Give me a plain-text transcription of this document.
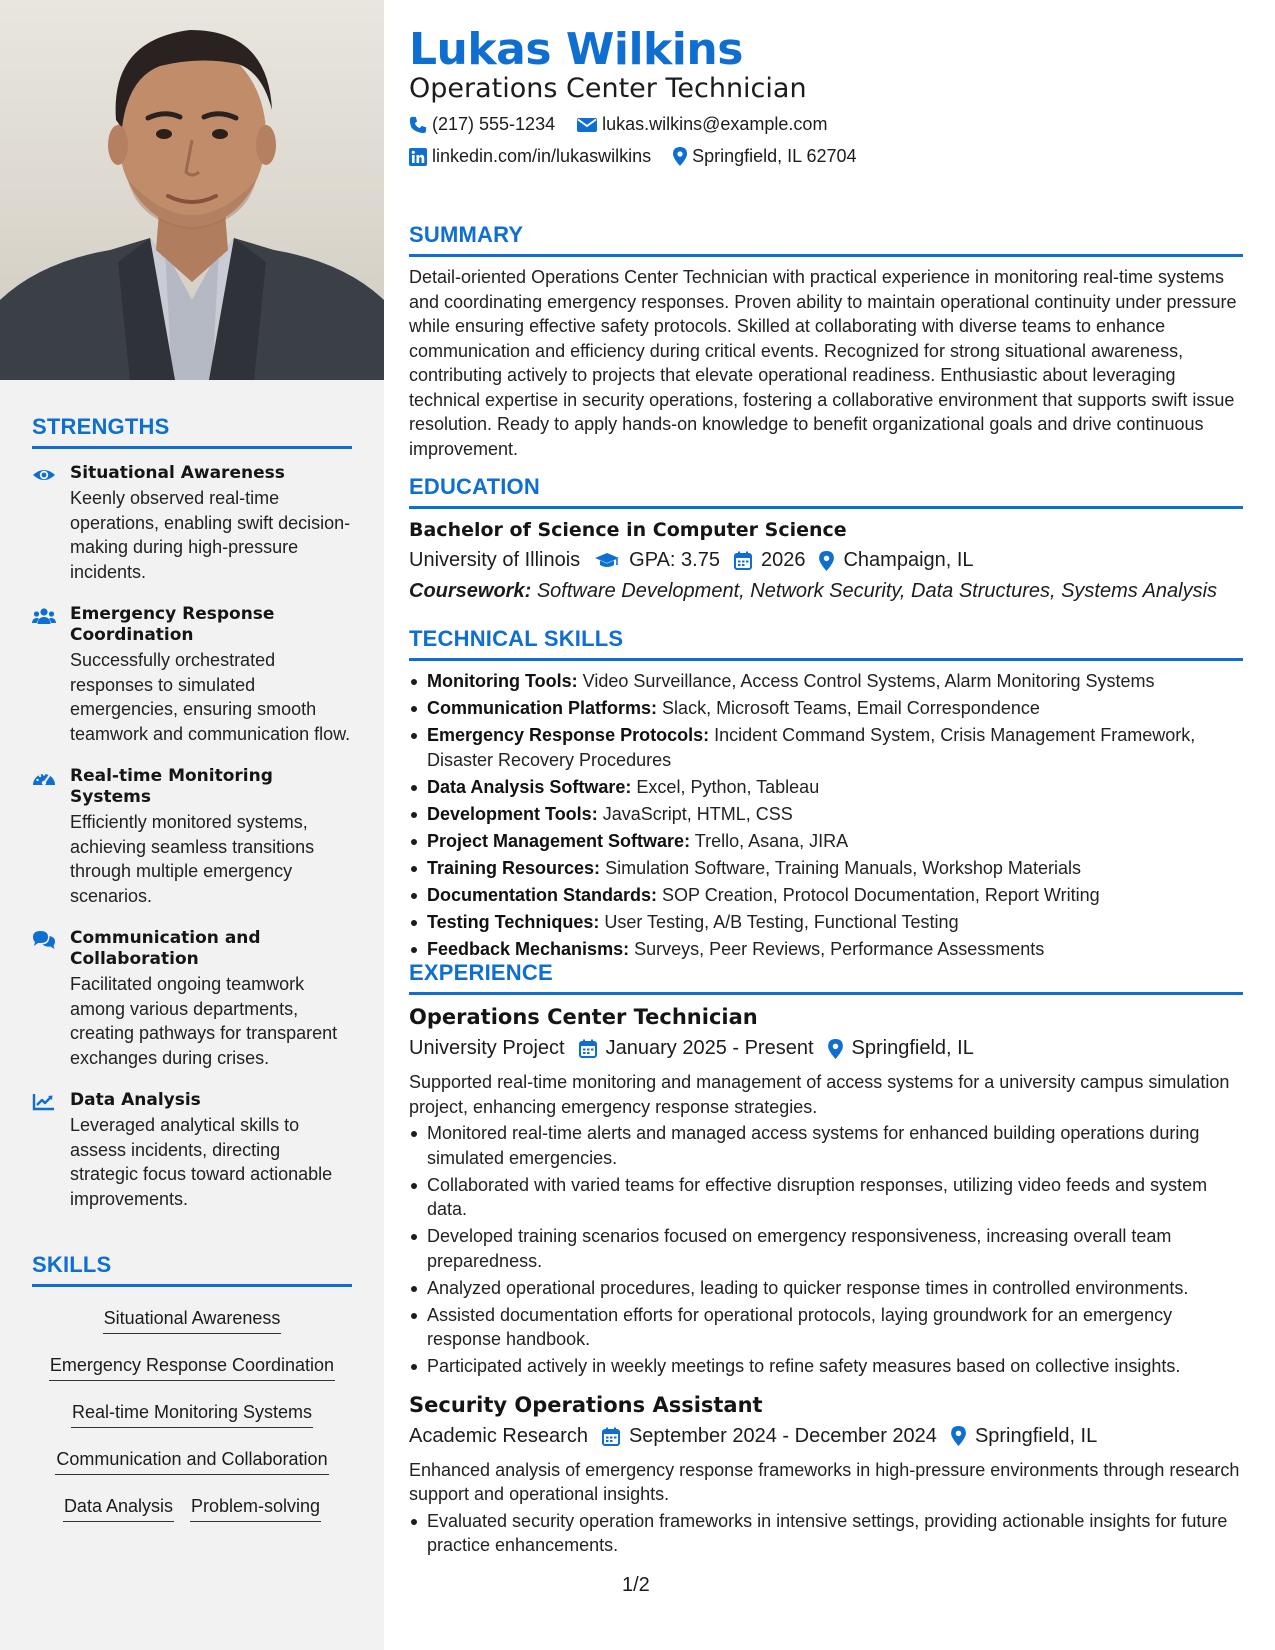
STRENGTHS
Situational Awareness
Keenly observed real-time operations, enabling swift decision-making during high-pressure incidents.
Emergency Response Coordination
Successfully orchestrated responses to simulated emergencies, ensuring smooth teamwork and communication flow.
Real-time Monitoring Systems
Efficiently monitored systems, achieving seamless transitions through multiple emergency scenarios.
Communication and Collaboration
Facilitated ongoing teamwork among various departments, creating pathways for transparent exchanges during crises.
Data Analysis
Leveraged analytical skills to assess incidents, directing strategic focus toward actionable improvements.
SKILLS
Situational Awareness
Emergency Response Coordination
Real-time Monitoring Systems
Communication and Collaboration
Data Analysis Problem-solving
Lukas Wilkins
Operations Center Technician
(217) 555-1234	lukas.wilkins@example.com
linkedin.com/in/lukaswilkins Springfield, IL 62704
SUMMARY
Detail-oriented Operations Center Technician with practical experience in monitoring real-time systems and coordinating emergency responses. Proven ability to maintain operational continuity under pressure while ensuring effective safety protocols. Skilled at collaborating with diverse teams to enhance communication and efficiency during critical events. Recognized for strong situational awareness, contributing actively to projects that elevate operational readiness. Enthusiastic about leveraging technical expertise in security operations, fostering a collaborative environment that supports swift issue resolution. Ready to apply hands-on knowledge to benefit organizational goals and drive continuous improvement.
EDUCATION
Bachelor of Science in Computer Science
University of Illinois GPA: 3.75 2026 Champaign, IL
Coursework: Software Development, Network Security, Data Structures, Systems Analysis
TECHNICAL SKILLS
Monitoring Tools: Video Surveillance, Access Control Systems, Alarm Monitoring Systems
Communication Platforms: Slack, Microsoft Teams, Email Correspondence
Emergency Response Protocols: Incident Command System, Crisis Management Framework, Disaster Recovery Procedures
Data Analysis Software: Excel, Python, Tableau
Development Tools: JavaScript, HTML, CSS
Project Management Software: Trello, Asana, JIRA
Training Resources: Simulation Software, Training Manuals, Workshop Materials
Documentation Standards: SOP Creation, Protocol Documentation, Report Writing
Testing Techniques: User Testing, A/B Testing, Functional Testing
Feedback Mechanisms: Surveys, Peer Reviews, Performance Assessments
EXPERIENCE
Operations Center Technician
University Project January 2025 - Present Springfield, IL
Supported real-time monitoring and management of access systems for a university campus simulation project, enhancing emergency response strategies.
Monitored real-time alerts and managed access systems for enhanced building operations during simulated emergencies.
Collaborated with varied teams for effective disruption responses, utilizing video feeds and system data.
Developed training scenarios focused on emergency responsiveness, increasing overall team preparedness.
Analyzed operational procedures, leading to quicker response times in controlled environments.
Assisted documentation efforts for operational protocols, laying groundwork for an emergency response handbook.
Participated actively in weekly meetings to refine safety measures based on collective insights.
Security Operations Assistant
Academic Research September 2024 - December 2024 Springfield, IL
Enhanced analysis of emergency response frameworks in high-pressure environments through research support and operational insights.
Evaluated security operation frameworks in intensive settings, providing actionable insights for future practice enhancements.
1/2
